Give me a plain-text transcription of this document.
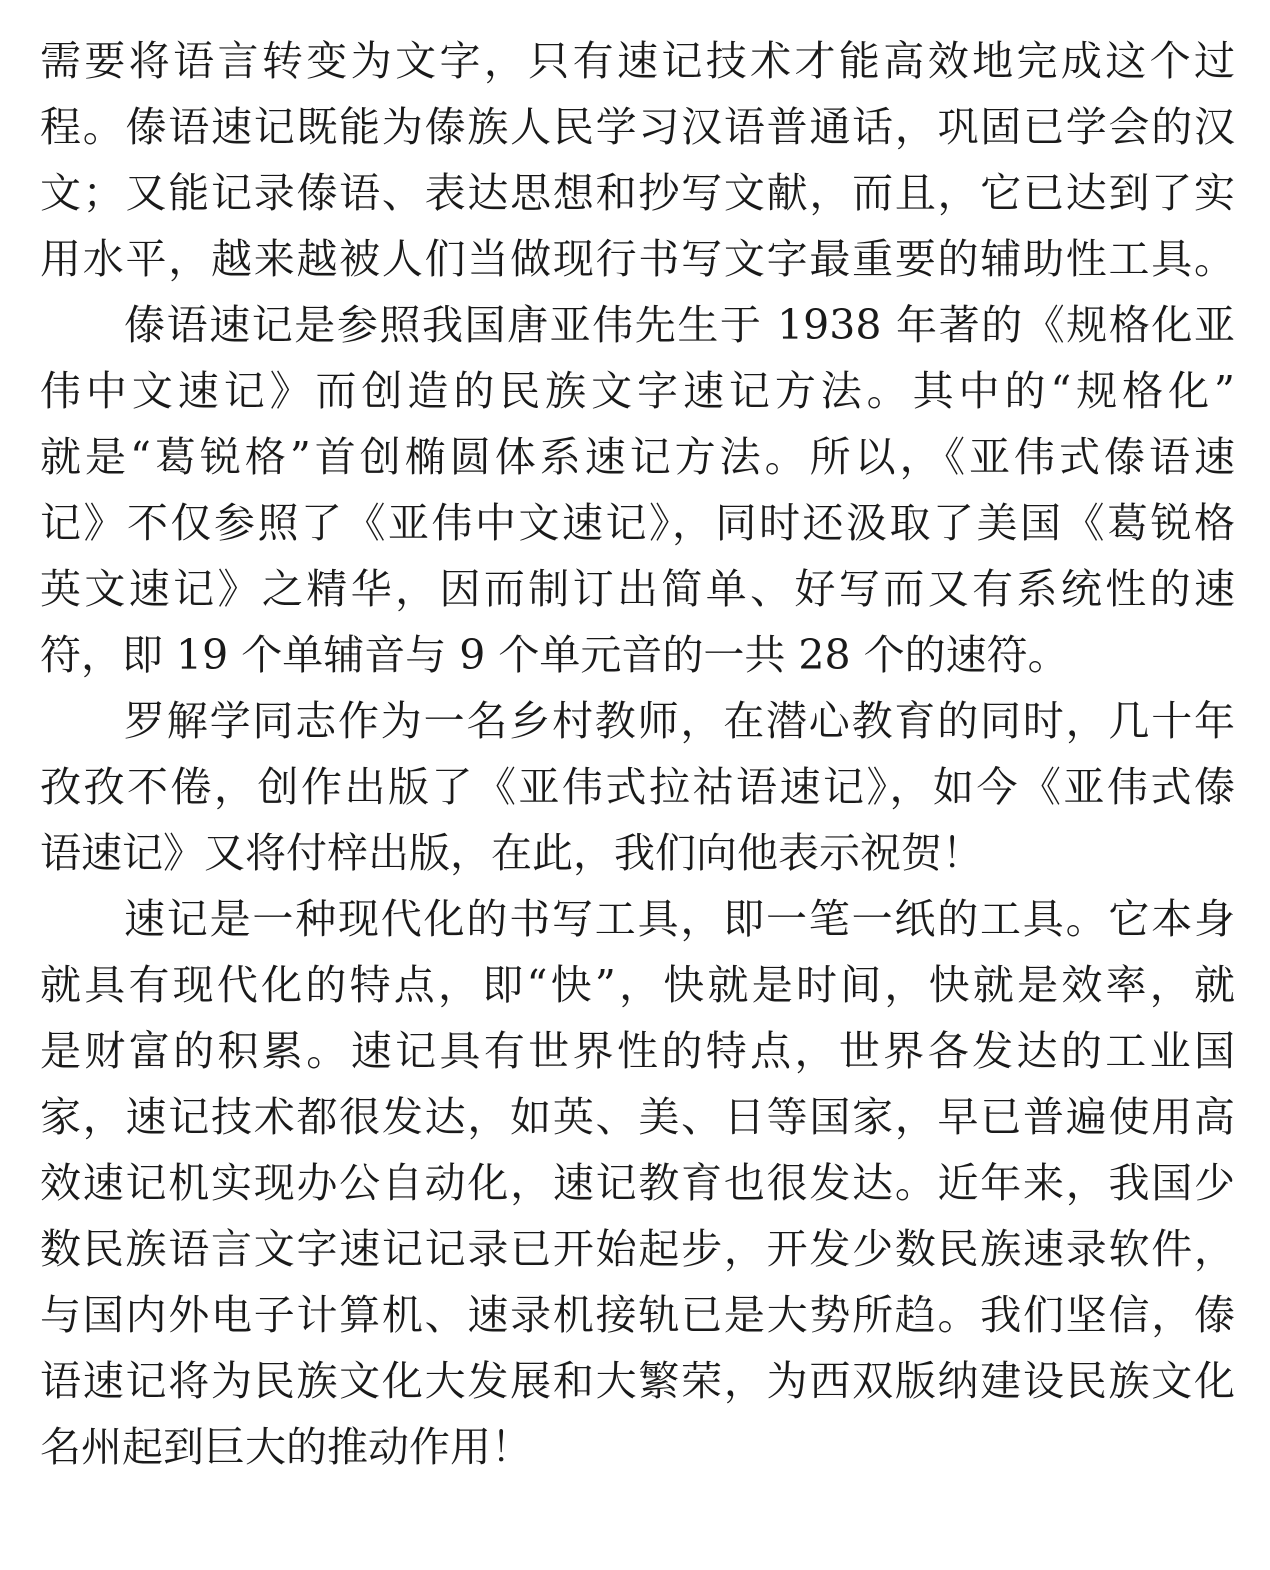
需要将语言转变为文字，只有速记技术才能高效地完成这个过
程。傣语速记既能为傣族人民学习汉语普通话，巩固已学会的汉
文；又能记录傣语、表达思想和抄写文献，而且，它已达到了实
用水平，越来越被人们当做现行书写文字最重要的辅助性工具。
傣语速记是参照我国唐亚伟先生于 1938 年著的《规格化亚
伟中文速记》而创造的民族文字速记方法。其中的“规格化”
就是“葛锐格”首创椭圆体系速记方法。所以，《亚伟式傣语速
记》不仅参照了《亚伟中文速记》，同时还汲取了美国《葛锐格
英文速记》之精华，因而制订出简单、好写而又有系统性的速
符，即 19 个单辅音与 9 个单元音的一共 28 个的速符。
罗解学同志作为一名乡村教师，在潜心教育的同时，几十年
孜孜不倦，创作出版了《亚伟式拉祜语速记》，如今《亚伟式傣
语速记》又将付梓出版，在此，我们向他表示祝贺！
速记是一种现代化的书写工具，即一笔一纸的工具。它本身
就具有现代化的特点，即“快”，快就是时间，快就是效率，就
是财富的积累。速记具有世界性的特点，世界各发达的工业国
家，速记技术都很发达，如英、美、日等国家，早已普遍使用高
效速记机实现办公自动化，速记教育也很发达。近年来，我国少
数民族语言文字速记记录已开始起步，开发少数民族速录软件，
与国内外电子计算机、速录机接轨已是大势所趋。我们坚信，傣
语速记将为民族文化大发展和大繁荣，为西双版纳建设民族文化
名州起到巨大的推动作用！
